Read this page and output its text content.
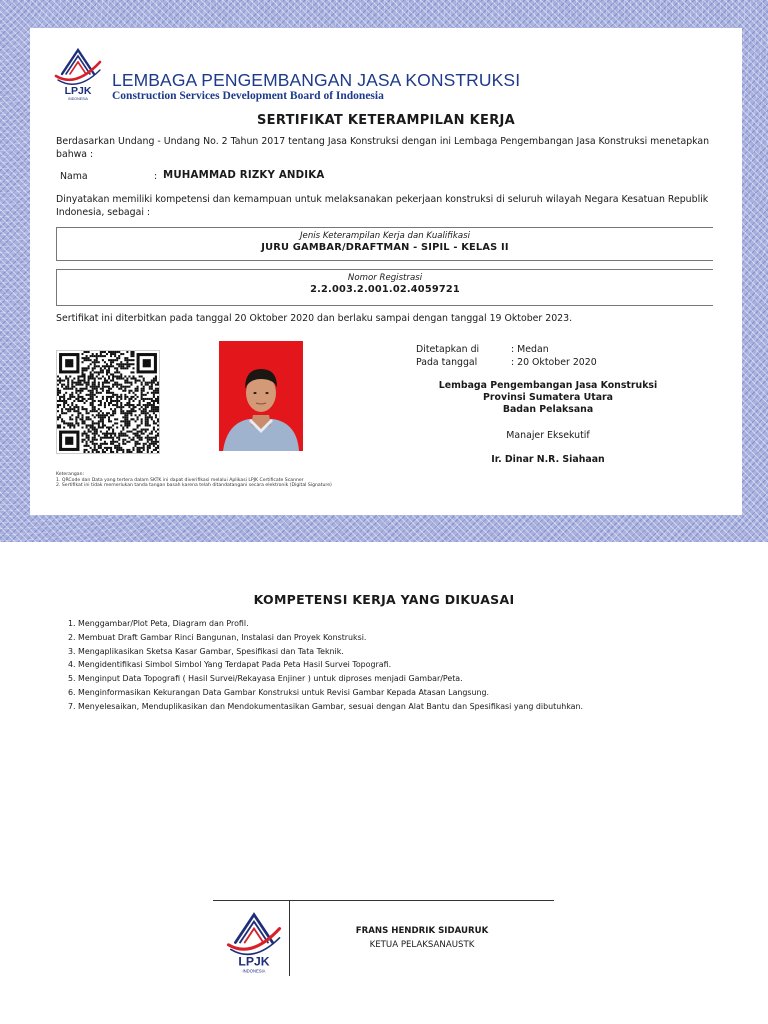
LPJK
INDONESIA
LEMBAGA PENGEMBANGAN JASA KONSTRUKSI
Construction Services Development Board of Indonesia
SERTIFIKAT KETERAMPILAN KERJA
Berdasarkan Undang - Undang No. 2 Tahun 2017 tentang Jasa Konstruksi dengan ini Lembaga Pengembangan Jasa Konstruksi menetapkan bahwa :
Nama	: MUHAMMAD RIZKY ANDIKA
Dinyatakan memiliki kompetensi dan kemampuan untuk melaksanakan pekerjaan konstruksi di seluruh wilayah Negara Kesatuan Republik Indonesia, sebagai :
Jenis Keterampilan Kerja dan Kualifikasi
JURU GAMBAR/DRAFTMAN - SIPIL - KELAS II
Nomor Registrasi
2.2.003.2.001.02.4059721
Sertifikat ini diterbitkan pada tanggal 20 Oktober 2020 dan berlaku sampai dengan tanggal 19 Oktober 2023.
Ditetapkan di	: Medan
Pada tanggal	: 20 Oktober 2020
Lembaga Pengembangan Jasa Konstruksi
Provinsi Sumatera Utara
Badan Pelaksana
Manajer Eksekutif
Ir. Dinar N.R. Siahaan
Keterangan:
1. QRCode dan Data yang tertera dalam SKTK ini dapat diverifikasi melalui Aplikasi LPJK Certificate Scanner
2. Sertifikat ini tidak memerlukan tanda tangan basah karena telah ditandatangani secara elektronik (Digital Signature)
KOMPETENSI KERJA YANG DIKUASAI
1. Menggambar/Plot Peta, Diagram dan Profil.
2. Membuat Draft Gambar Rinci Bangunan, Instalasi dan Proyek Konstruksi.
3. Mengaplikasikan Sketsa Kasar Gambar, Spesifikasi dan Tata Teknik.
4. Mengidentifikasi Simbol Simbol Yang Terdapat Pada Peta Hasil Survei Topografi.
5. Menginput Data Topografi ( Hasil Survei/Rekayasa Enjiner ) untuk diproses menjadi Gambar/Peta.
6. Menginformasikan Kekurangan Data Gambar Konstruksi untuk Revisi Gambar Kepada Atasan Langsung.
7. Menyelesaikan, Menduplikasikan dan Mendokumentasikan Gambar, sesuai dengan Alat Bantu dan Spesifikasi yang dibutuhkan.
LPJK
INDONESIA
FRANS HENDRIK SIDAURUK
KETUA PELAKSANAUSTK
